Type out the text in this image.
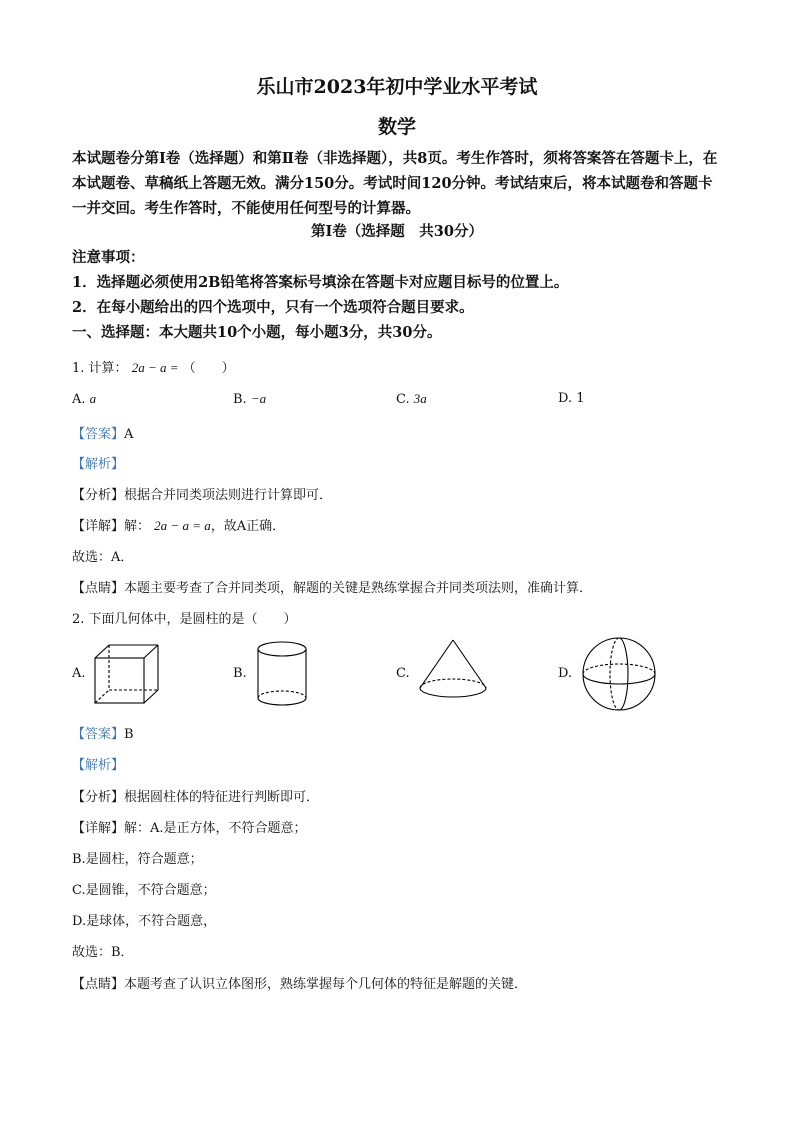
乐山市2023年初中学业水平考试
数学
本试题卷分第Ⅰ卷（选择题）和第Ⅱ卷（非选择题），共8页。考生作答时，须将答案答在答题卡上，在本试题卷、草稿纸上答题无效。满分150分。考试时间120分钟。考试结束后，将本试题卷和答题卡一并交回。考生作答时，不能使用任何型号的计算器。
第Ⅰ卷（选择题　共30分）
注意事项：
1．选择题必须使用2B铅笔将答案标号填涂在答题卡对应题目标号的位置上。
2．在每小题给出的四个选项中，只有一个选项符合题目要求。
一、选择题：本大题共10个小题，每小题3分，共30分。
1. 计算： 2a − a = （　　）
A. a	B. −a	C. 3a	D. 1
【答案】A
【解析】
【分析】根据合并同类项法则进行计算即可．
【详解】解： 2a − a = a，故A正确．
故选：A．
【点睛】本题主要考查了合并同类项，解题的关键是熟练掌握合并同类项法则，准确计算．
2. 下面几何体中，是圆柱的是（　　）
A.	B.	C.	D.
【答案】B
【解析】
【分析】根据圆柱体的特征进行判断即可．
【详解】解：A.是正方体，不符合题意；
B.是圆柱，符合题意；
C.是圆锥，不符合题意；
D.是球体，不符合题意，
故选：B．
【点睛】本题考查了认识立体图形，熟练掌握每个几何体的特征是解题的关键．
